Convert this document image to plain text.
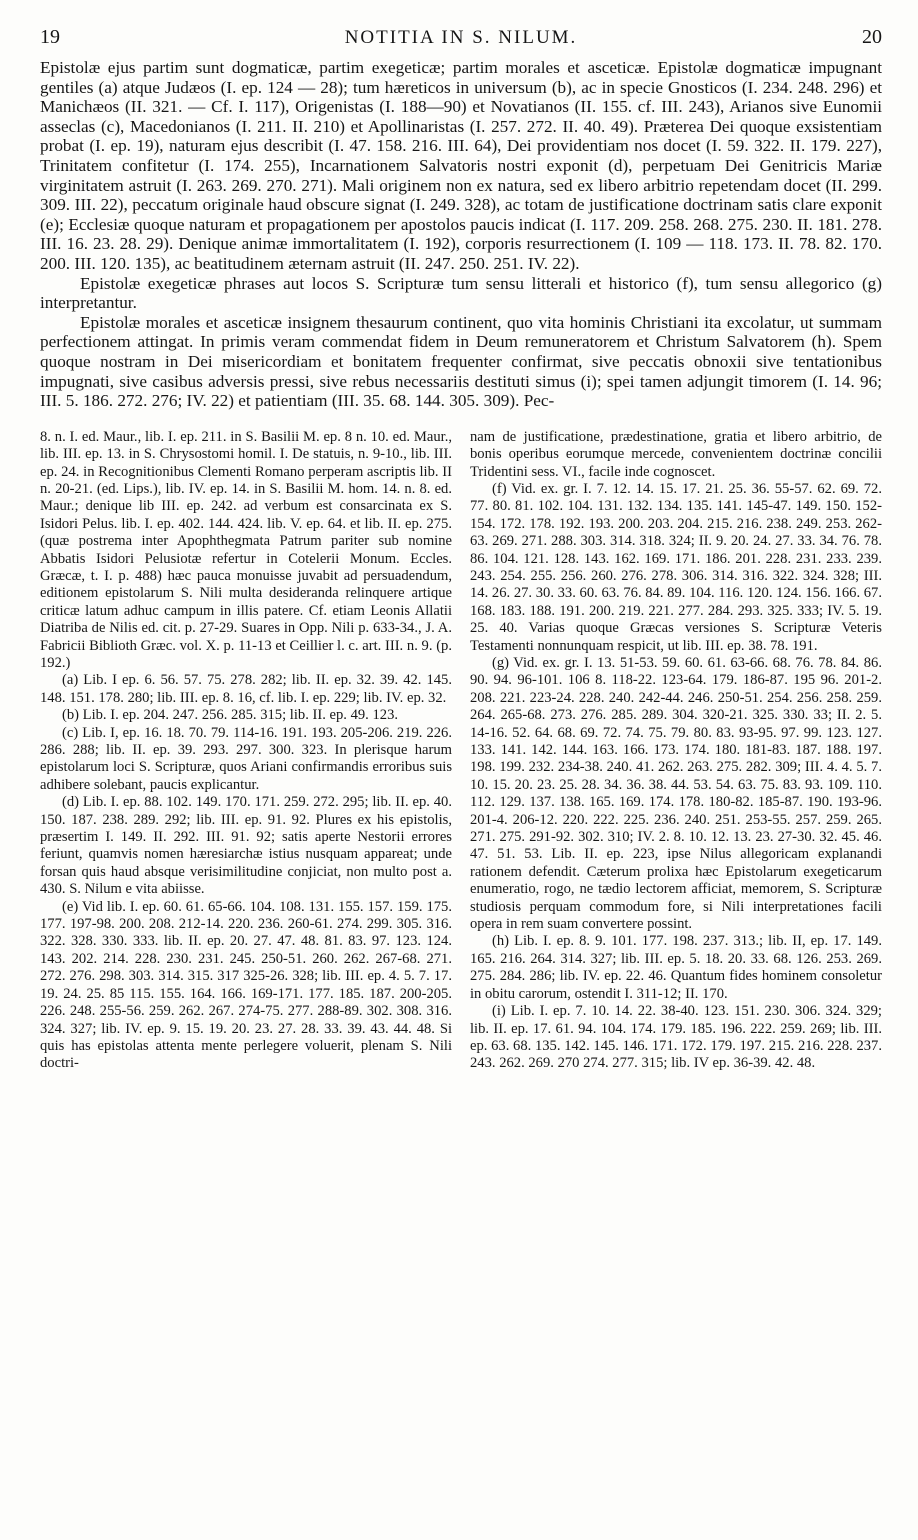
19	NOTITIA IN S. NILUM.	20

Epistolæ ejus partim sunt dogmaticæ, partim exegeticæ; partim morales et asceticæ. Epistolæ dogmaticæ impugnant gentiles (a) atque Judæos (I. ep. 124 — 28); tum hæreticos in universum (b), ac in specie Gnosticos (I. 234. 248. 296) et Manichæos (II. 321. — Cf. I. 117), Origenistas (I. 188—90) et Novatianos (II. 155. cf. III. 243), Arianos sive Eunomii asseclas (c), Macedonianos (I. 211. II. 210) et Apollinaristas (I. 257. 272. II. 40. 49). Præterea Dei quoque exsistentiam probat (I. ep. 19), naturam ejus describit (I. 47. 158. 216. III. 64), Dei providentiam nos docet (I. 59. 322. II. 179. 227), Trinitatem confitetur (I. 174. 255), Incarnationem Salvatoris nostri exponit (d), perpetuam Dei Genitricis Mariæ virginitatem astruit (I. 263. 269. 270. 271). Mali originem non ex natura, sed ex libero arbitrio repetendam docet (II. 299. 309. III. 22), peccatum originale haud obscure signat (I. 249. 328), ac totam de justificatione doctrinam satis clare exponit (e); Ecclesiæ quoque naturam et propagationem per apostolos paucis indicat (I. 117. 209. 258. 268. 275. 230. II. 181. 278. III. 16. 23. 28. 29). Denique animæ immortalitatem (I. 192), corporis resurrectionem (I. 109 — 118. 173. II. 78. 82. 170. 200. III. 120. 135), ac beatitudinem æternam astruit (II. 247. 250. 251. IV. 22).

Epistolæ exegeticæ phrases aut locos S. Scripturæ tum sensu litterali et historico (f), tum sensu allegorico (g) interpretantur.

Epistolæ morales et asceticæ insignem thesaurum continent, quo vita hominis Christiani ita excolatur, ut summam perfectionem attingat. In primis veram commendat fidem in Deum remuneratorem et Christum Salvatorem (h). Spem quoque nostram in Dei misericordiam et bonitatem frequenter confirmat, sive peccatis obnoxii sive tentationibus impugnati, sive casibus adversis pressi, sive rebus necessariis destituti simus (i); spei tamen adjungit timorem (I. 14. 96; III. 5. 186. 272. 276; IV. 22) et patientiam (III. 35. 68. 144. 305. 309). Pec-

8. n. I. ed. Maur., lib. I. ep. 211. in S. Basilii M. ep. 8 n. 10. ed. Maur., lib. III. ep. 13. in S. Chrysostomi homil. I. De statuis, n. 9-10., lib. III. ep. 24. in Recognitionibus Clementi Romano perperam ascriptis lib. II n. 20-21. (ed. Lips.), lib. IV. ep. 14. in S. Basilii M. hom. 14. n. 8. ed. Maur.; denique lib III. ep. 242. ad verbum est consarcinata ex S. Isidori Pelus. lib. I. ep. 402. 144. 424. lib. V. ep. 64. et lib. II. ep. 275. (quæ postrema inter Apophthegmata Patrum pariter sub nomine Abbatis Isidori Pelusiotæ refertur in Cotelerii Monum. Eccles. Græcæ, t. I. p. 488) hæc pauca monuisse juvabit ad persuadendum, editionem epistolarum S. Nili multa desideranda relinquere artique criticæ latum adhuc campum in illis patere. Cf. etiam Leonis Allatii Diatriba de Nilis ed. cit. p. 27-29. Suares in Opp. Nili p. 633-34., J. A. Fabricii Biblioth Græc. vol. X. p. 11-13 et Ceillier l. c. art. III. n. 9. (p. 192.)

(a) Lib. I ep. 6. 56. 57. 75. 278. 282; lib. II. ep. 32. 39. 42. 145. 148. 151. 178. 280; lib. III. ep. 8. 16, cf. lib. I. ep. 229; lib. IV. ep. 32.

(b) Lib. I. ep. 204. 247. 256. 285. 315; lib. II. ep. 49. 123.

(c) Lib. I, ep. 16. 18. 70. 79. 114-16. 191. 193. 205-206. 219. 226. 286. 288; lib. II. ep. 39. 293. 297. 300. 323. In plerisque harum epistolarum loci S. Scripturæ, quos Ariani confirmandis erroribus suis adhibere solebant, paucis explicantur.

(d) Lib. I. ep. 88. 102. 149. 170. 171. 259. 272. 295; lib. II. ep. 40. 150. 187. 238. 289. 292; lib. III. ep. 91. 92. Plures ex his epistolis, præsertim I. 149. II. 292. III. 91. 92; satis aperte Nestorii errores feriunt, quamvis nomen hæresiarchæ istius nusquam appareat; unde forsan quis haud absque verisimilitudine conjiciat, non multo post a. 430. S. Nilum e vita abiisse.

(e) Vid lib. I. ep. 60. 61. 65-66. 104. 108. 131. 155. 157. 159. 175. 177. 197-98. 200. 208. 212-14. 220. 236. 260-61. 274. 299. 305. 316. 322. 328. 330. 333. lib. II. ep. 20. 27. 47. 48. 81. 83. 97. 123. 124. 143. 202. 214. 228. 230. 231. 245. 250-51. 260. 262. 267-68. 271. 272. 276. 298. 303. 314. 315. 317 325-26. 328; lib. III. ep. 4. 5. 7. 17. 19. 24. 25. 85 115. 155. 164. 166. 169-171. 177. 185. 187. 200-205. 226. 248. 255-56. 259. 262. 267. 274-75. 277. 288-89. 302. 308. 316. 324. 327; lib. IV. ep. 9. 15. 19. 20. 23. 27. 28. 33. 39. 43. 44. 48. Si quis has epistolas attenta mente perlegere voluerit, plenam S. Nili doctri-

nam de justificatione, prædestinatione, gratia et libero arbitrio, de bonis operibus eorumque mercede, convenientem doctrinæ concilii Tridentini sess. VI., facile inde cognoscet.

(f) Vid. ex. gr. I. 7. 12. 14. 15. 17. 21. 25. 36. 55-57. 62. 69. 72. 77. 80. 81. 102. 104. 131. 132. 134. 135. 141. 145-47. 149. 150. 152-154. 172. 178. 192. 193. 200. 203. 204. 215. 216. 238. 249. 253. 262-63. 269. 271. 288. 303. 314. 318. 324; II. 9. 20. 24. 27. 33. 34. 76. 78. 86. 104. 121. 128. 143. 162. 169. 171. 186. 201. 228. 231. 233. 239. 243. 254. 255. 256. 260. 276. 278. 306. 314. 316. 322. 324. 328; III. 14. 26. 27. 30. 33. 60. 63. 76. 84. 89. 104. 116. 120. 124. 156. 166. 67. 168. 183. 188. 191. 200. 219. 221. 277. 284. 293. 325. 333; IV. 5. 19. 25. 40. Varias quoque Græcas versiones S. Scripturæ Veteris Testamenti nonnunquam respicit, ut lib. III. ep. 38. 78. 191.

(g) Vid. ex. gr. I. 13. 51-53. 59. 60. 61. 63-66. 68. 76. 78. 84. 86. 90. 94. 96-101. 106 8. 118-22. 123-64. 179. 186-87. 195 96. 201-2. 208. 221. 223-24. 228. 240. 242-44. 246. 250-51. 254. 256. 258. 259. 264. 265-68. 273. 276. 285. 289. 304. 320-21. 325. 330. 33; II. 2. 5. 14-16. 52. 64. 68. 69. 72. 74. 75. 79. 80. 83. 93-95. 97. 99. 123. 127. 133. 141. 142. 144. 163. 166. 173. 174. 180. 181-83. 187. 188. 197. 198. 199. 232. 234-38. 240. 41. 262. 263. 275. 282. 309; III. 4. 4. 5. 7. 10. 15. 20. 23. 25. 28. 34. 36. 38. 44. 53. 54. 63. 75. 83. 93. 109. 110. 112. 129. 137. 138. 165. 169. 174. 178. 180-82. 185-87. 190. 193-96. 201-4. 206-12. 220. 222. 225. 236. 240. 251. 253-55. 257. 259. 265. 271. 275. 291-92. 302. 310; IV. 2. 8. 10. 12. 13. 23. 27-30. 32. 45. 46. 47. 51. 53. Lib. II. ep. 223, ipse Nilus allegoricam explanandi rationem defendit. Cæterum prolixa hæc Epistolarum exegeticarum enumeratio, rogo, ne tædio lectorem afficiat, memorem, S. Scripturæ studiosis perquam commodum fore, si Nili interpretationes facili opera in rem suam convertere possint.

(h) Lib. I. ep. 8. 9. 101. 177. 198. 237. 313.; lib. II, ep. 17. 149. 165. 216. 264. 314. 327; lib. III. ep. 5. 18. 20. 33. 68. 126. 253. 269. 275. 284. 286; lib. IV. ep. 22. 46. Quantum fides hominem consoletur in obitu carorum, ostendit I. 311-12; II. 170.

(i) Lib. I. ep. 7. 10. 14. 22. 38-40. 123. 151. 230. 306. 324. 329; lib. II. ep. 17. 61. 94. 104. 174. 179. 185. 196. 222. 259. 269; lib. III. ep. 63. 68. 135. 142. 145. 146. 171. 172. 179. 197. 215. 216. 228. 237. 243. 262. 269. 270 274. 277. 315; lib. IV ep. 36-39. 42. 48.
